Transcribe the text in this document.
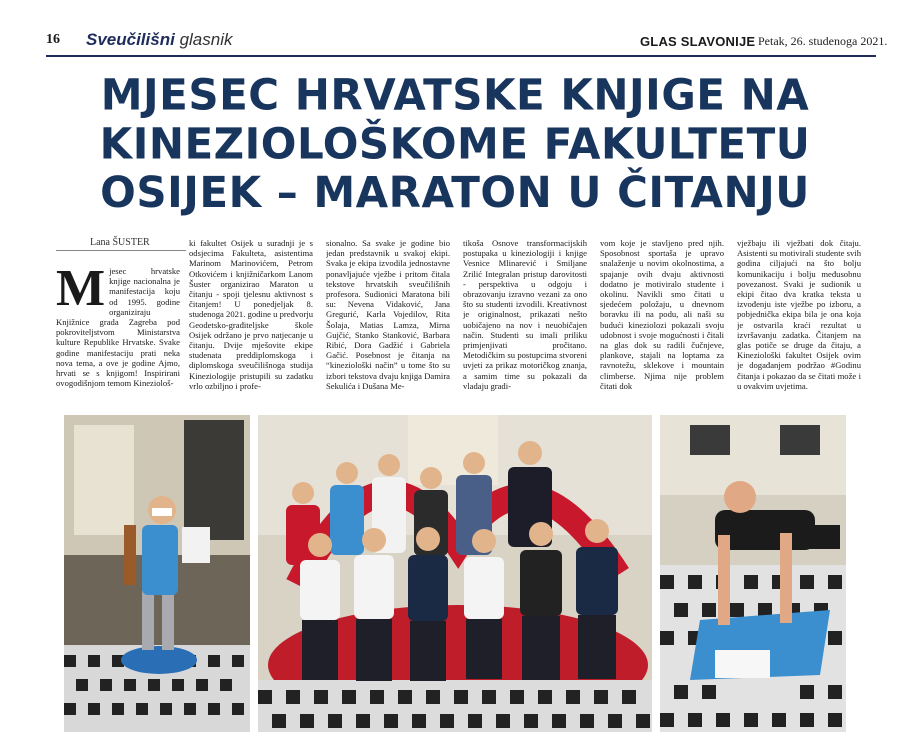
16 Sveučilišni glasnik	GLAS SLAVONIJE Petak, 26. studenoga 2021.
MJESEC HRVATSKE KNJIGE NA
KINEZIOLOŠKOME FAKULTETU
OSIJEK – MARATON U ČITANJU
Lana ŠUSTER
M jesec hrvatske knjige nacionalna je manifestacija koju od 1995. godine organiziraju Knjižnice grada Zagreba pod pokroviteljstvom Ministarstva kulture Republike Hrvatske. Svake godine manifestaciju prati neka nova tema, a ove je godine Ajmo, hrvati se s knjigom! Inspirirani ovogodišnjom temom Kineziološ-

ki fakultet Osijek u suradnji je s odsjecima Fakulteta, asistentima Marinom Marinovićem, Petrom Otkovićem i knjižničarkom Lanom Šuster organizirao Maraton u čitanju - spoji tjelesnu aktivnost s čitanjem! U ponedjeljak 8. studenoga 2021. godine u predvorju Geodetsko-građiteljske škole Osijek održano je prvo natjecanje u čitanju. Dvije mješovite ekipe studenata preddiplomskoga i diplomskoga sveučilišnoga studija Kineziologije pristupili su zadatku vrlo ozbiljno i profe-

sionalno. Sa svake je godine bio jedan predstavnik u svakoj ekipi. Svaka je ekipa izvodila jednostavne ponavljajuće vježbe i pritom čitala tekstove hrvatskih sveučilišnih profesora. Sudionici Maratona bili su: Nevena Vidaković, Jana Gregurić, Karla Vojedilov, Rita Šolaja, Matias Lamza, Mirna Gujčić, Stanko Stanković, Barbara Ribić, Dora Gadžić i Gabriela Gačić. Posebnost je čitanja na “kineziološki način” u tome što su izbori tekstova dvaju knjiga Damira Sekulića i Dušana Me-

tikoša Osnove transformacijskih postupaka u kineziologiji i knjige Vesnice Mlinarević i Smiljane Zrilić Integralan pristup darovitosti - perspektiva u odgoju i obrazovanju izravno vezani za ono što su studenti izvodili. Kreativnost je originalnost, prikazati nešto uobičajeno na nov i neuobičajen način. Studenti su imali priliku primjenjivati pročitano. Metodičkim su postupcima stvoreni uvjeti za prikaz motoričkog znanja, a samim time su pokazali da vladaju gradi-

vom koje je stavljeno pred njih. Sposobnost sportaša je upravo snalaženje u novim okolnostima, a spajanje ovih dvaju aktivnosti dodatno je motiviralo studente i okolinu. Navikli smo čitati u sjedećem položaju, u dnevnom boravku ili na podu, ali naši su budući kineziolozi pokazali svoju udobnost i svoje mogućnosti i čitali na glas dok su radili čučnjeve, plankove, stajali na loptama za ravnotežu, sklekove i mountain climberse. Njima nije problem čitati dok

vježbaju ili vježbati dok čitaju. Asistenti su motivirali studente svih godina ciljajući na što bolju komunikaciju i bolju međusobnu povezanost. Svaki je sudionik u ekipi čitao dva kratka teksta u izvođenju iste vježbe po izboru, a pobjednička ekipa bila je ona koja je ostvarila kraći rezultat u izvršavanju zadatka. Čitanjem na glas potiče se druge da čitaju, a Kineziološki fakultet Osijek ovim je događanjem podržao #Godinu čitanja i pokazao da se čitati može i u ovakvim uvjetima.
